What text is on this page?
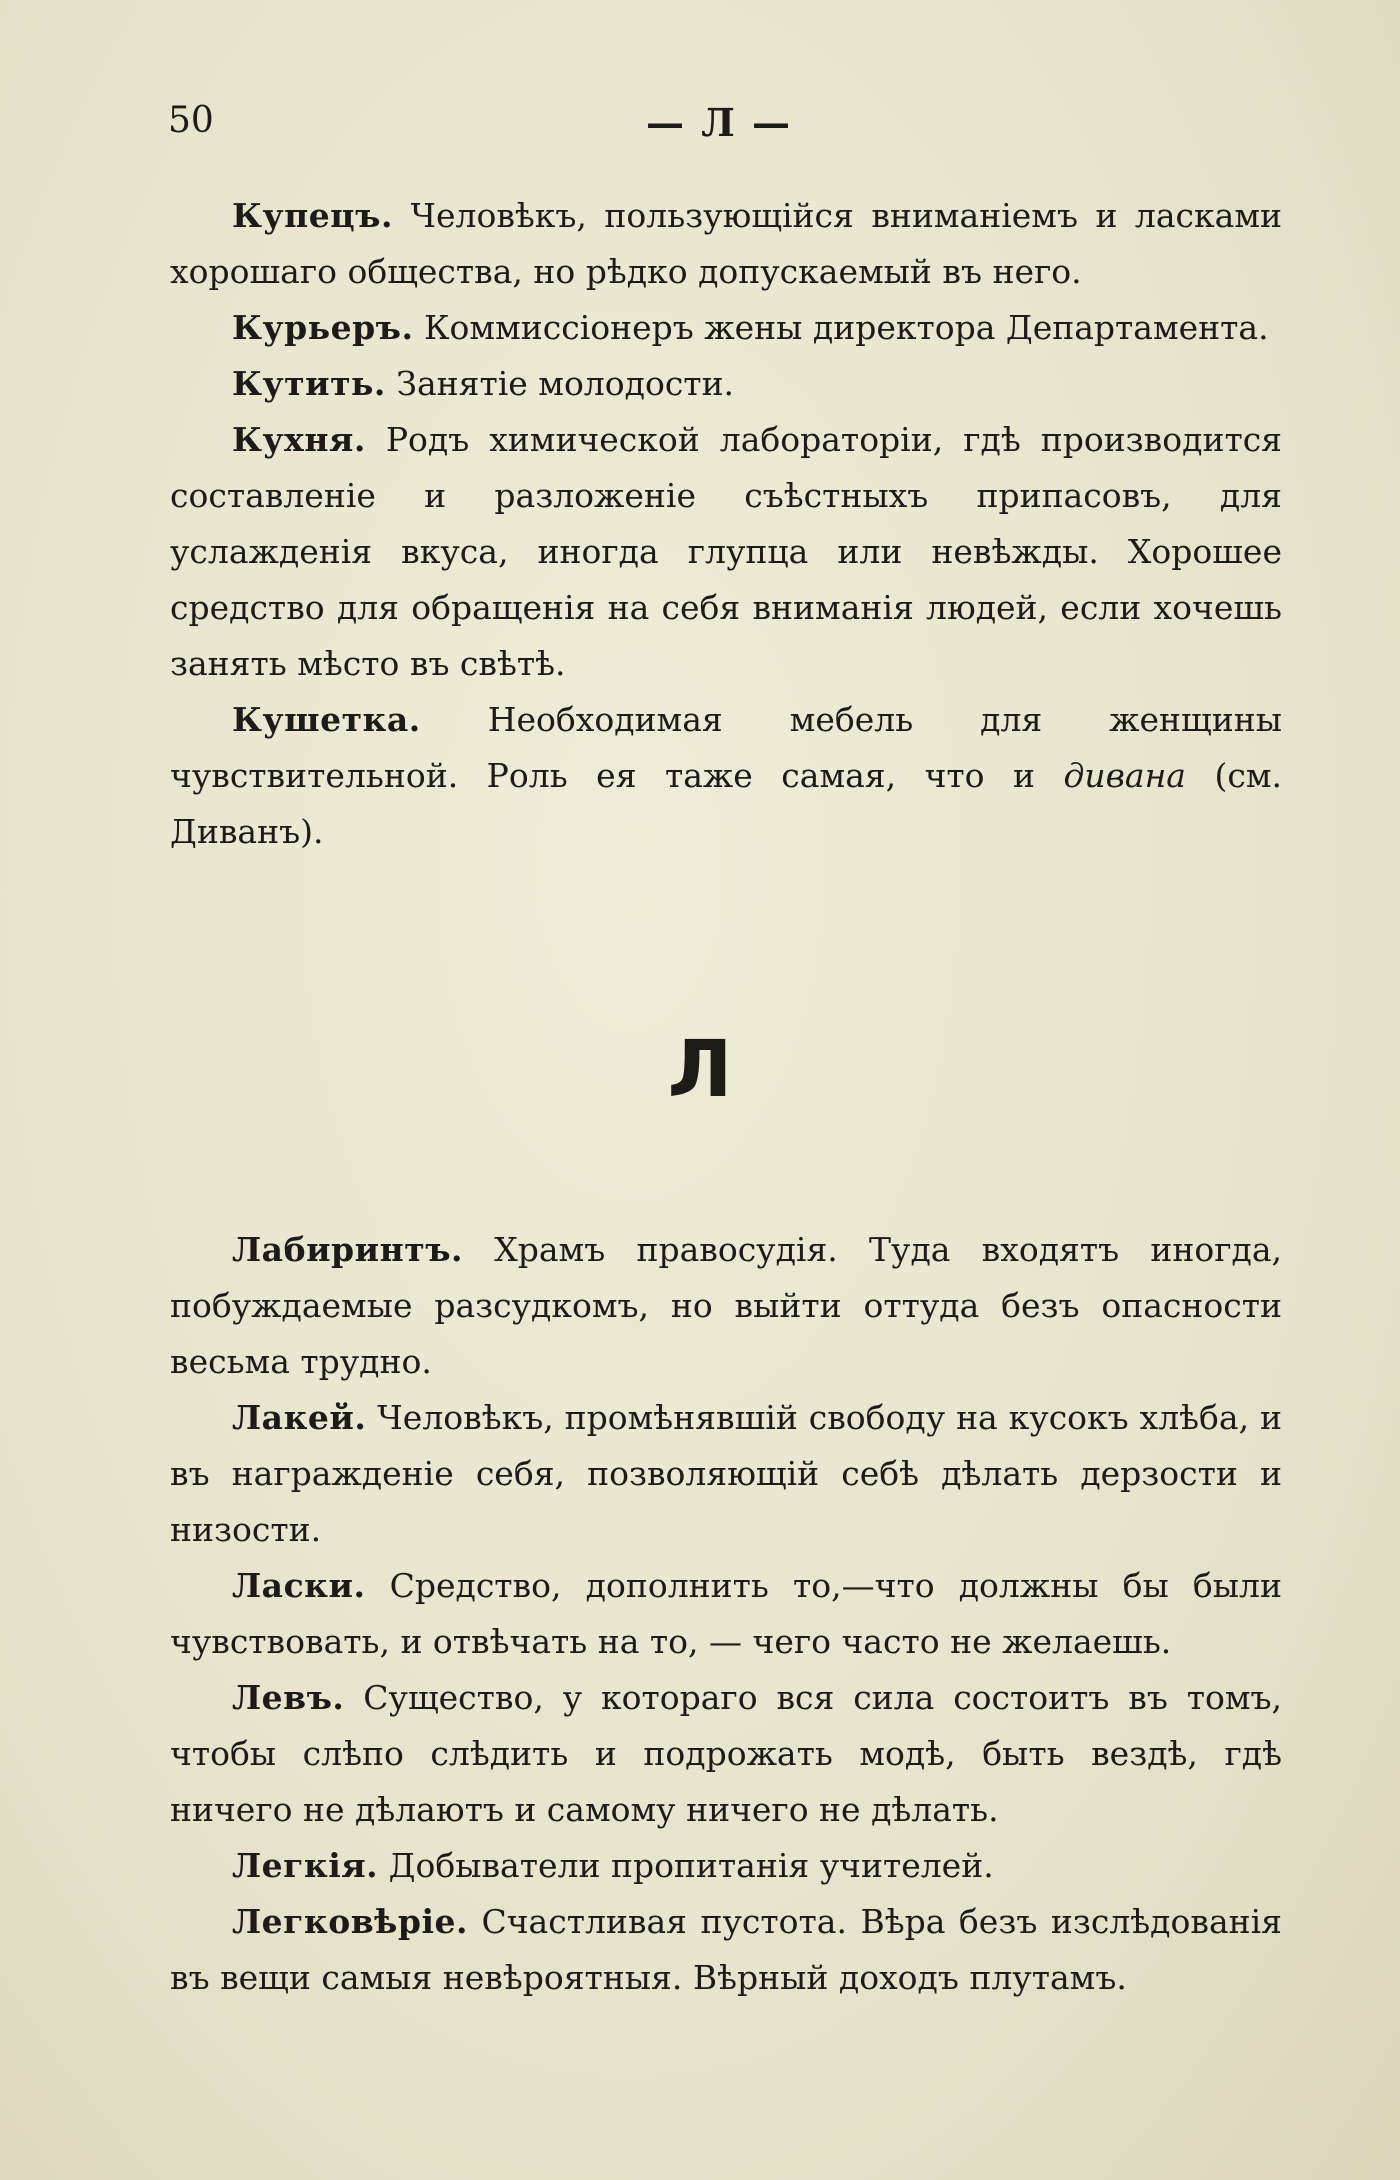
50	— Л —

Купецъ. Человѣкъ, пользующійся вниманіемъ и ласками хорошаго общества, но рѣдко допускаемый въ него.

Курьеръ. Коммиссіонеръ жены директора Департамента.

Кутить. Занятіе молодости.

Кухня. Родъ химической лабораторіи, гдѣ производится составленіе и разложеніе съѣстныхъ припасовъ, для услажденія вкуса, иногда глупца или невѣжды. Хорошее средство для обращенія на себя вниманія людей, если хочешь занять мѣсто въ свѣтѣ.

Кушетка. Необходимая мебель для женщины чувствительной. Роль ея таже самая, что и дивана (см. Диванъ).

Л

Лабиринтъ. Храмъ правосудія. Туда входятъ иногда, побуждаемые разсудкомъ, но выйти оттуда безъ опасности весьма трудно.

Лакей. Человѣкъ, промѣнявшій свободу на кусокъ хлѣба, и въ награжденіе себя, позволяющій себѣ дѣлать дерзости и низости.

Ласки. Средство, дополнить то,—что должны бы были чувствовать, и отвѣчать на то, — чего часто не желаешь.

Левъ. Существо, у котораго вся сила состоитъ въ томъ, чтобы слѣпо слѣдить и подрожать модѣ, быть вездѣ, гдѣ ничего не дѣлаютъ и самому ничего не дѣлать.

Легкія. Добыватели пропитанія учителей.

Легковѣріе. Счастливая пустота. Вѣра безъ изслѣдованія въ вещи самыя невѣроятныя. Вѣрный доходъ плутамъ.
